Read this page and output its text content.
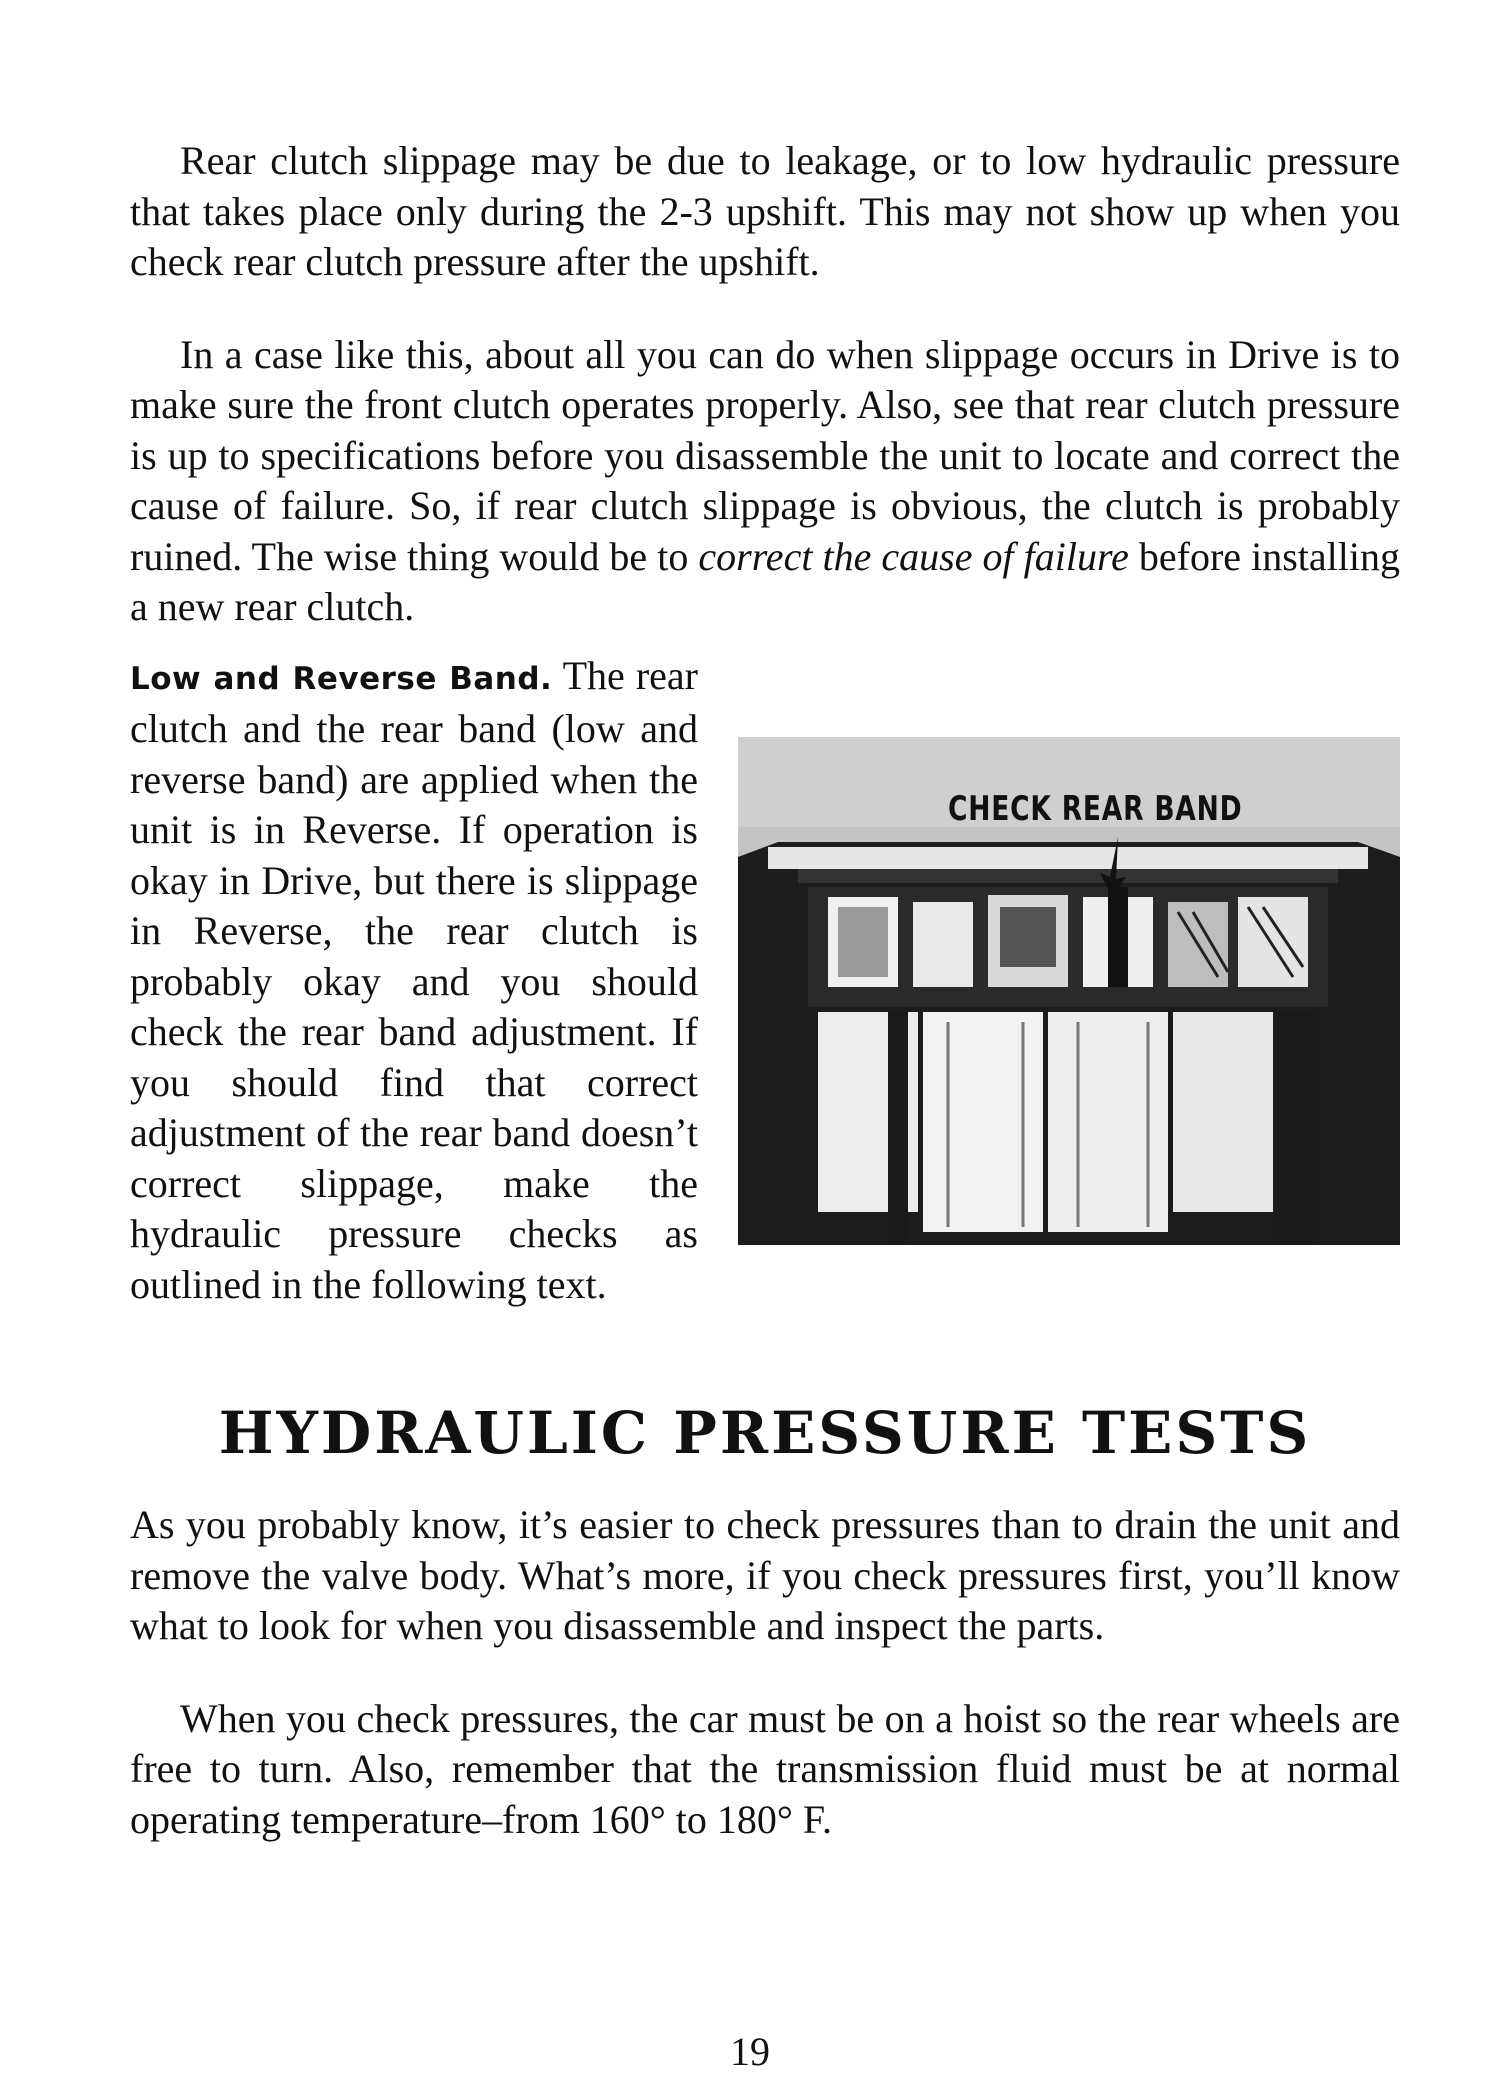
Rear clutch slippage may be due to leakage, or to low hydraulic pressure that takes place only during the 2-3 upshift. This may not show up when you check rear clutch pressure after the upshift.

In a case like this, about all you can do when slippage occurs in Drive is to make sure the front clutch operates properly. Also, see that rear clutch pressure is up to specifications before you disassemble the unit to locate and correct the cause of failure. So, if rear clutch slippage is obvious, the clutch is probably ruined. The wise thing would be to correct the cause of failure before installing a new rear clutch.

CHECK REAR BAND

Low and Reverse Band. The rear clutch and the rear band (low and reverse band) are applied when the unit is in Reverse. If operation is okay in Drive, but there is slippage in Reverse, the rear clutch is probably okay and you should check the rear band adjustment. If you should find that correct adjustment of the rear band doesn’t correct slippage, make the hydraulic pressure checks as outlined in the following text.

HYDRAULIC PRESSURE TESTS

As you probably know, it’s easier to check pressures than to drain the unit and remove the valve body. What’s more, if you check pressures first, you’ll know what to look for when you disassemble and inspect the parts.

When you check pressures, the car must be on a hoist so the rear wheels are free to turn. Also, remember that the transmission fluid must be at normal operating temperature–from 160° to 180° F.

19
